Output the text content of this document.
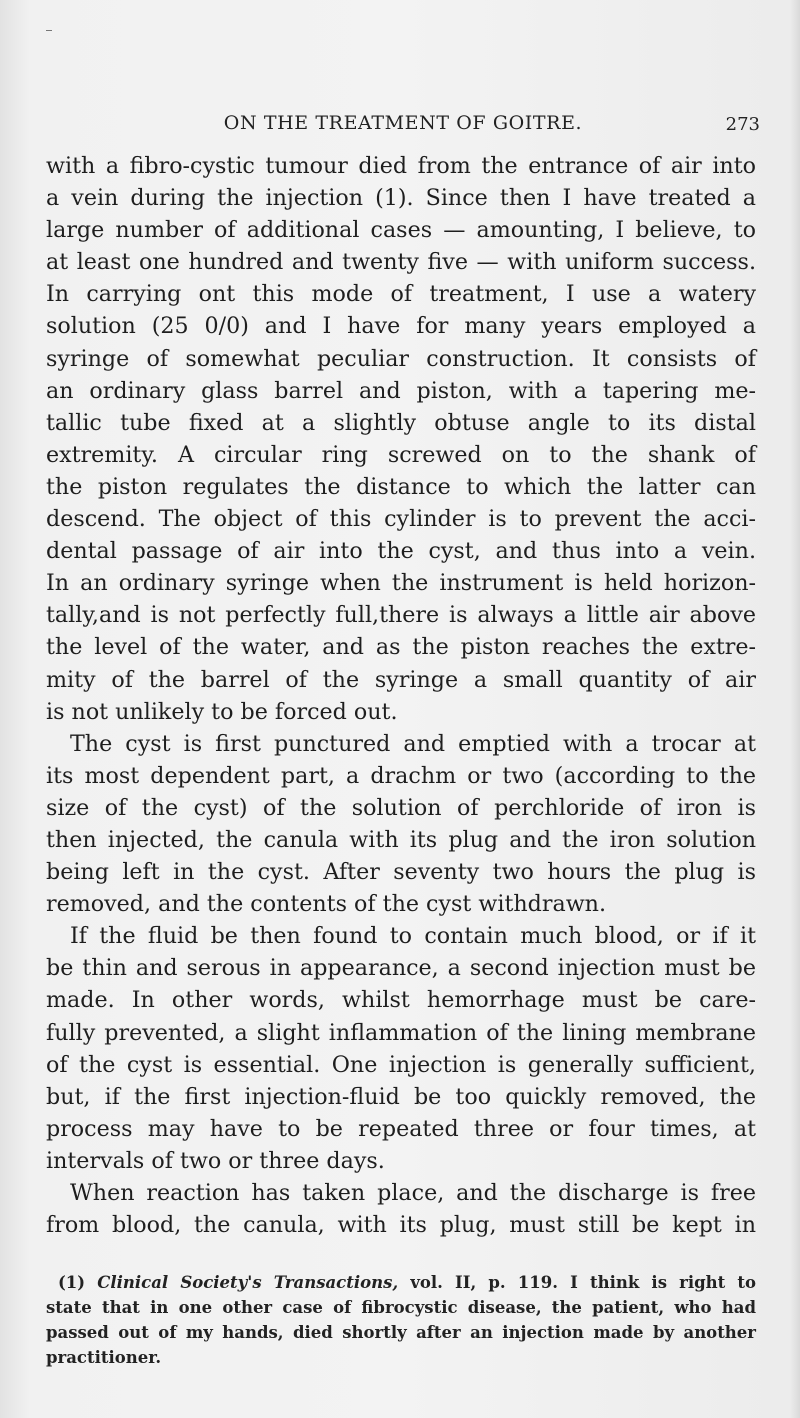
ON THE TREATMENT OF GOITRE.	273
with a fibro-cystic tumour died from the entrance of air into
a vein during the injection (1). Since then I have treated a
large number of additional cases — amounting, I believe, to
at least one hundred and twenty five — with uniform success.
In carrying ont this mode of treatment, I use a watery
solution (25 0/0) and I have for many years employed a
syringe of somewhat peculiar construction. It consists of
an ordinary glass barrel and piston, with a tapering me-
tallic tube fixed at a slightly obtuse angle to its distal
extremity. A circular ring screwed on to the shank of
the piston regulates the distance to which the latter can
descend. The object of this cylinder is to prevent the acci-
dental passage of air into the cyst, and thus into a vein.
In an ordinary syringe when the instrument is held horizon-
tally,and is not perfectly full,there is always a little air above
the level of the water, and as the piston reaches the extre-
mity of the barrel of the syringe a small quantity of air
is not unlikely to be forced out.
The cyst is first punctured and emptied with a trocar at
its most dependent part, a drachm or two (according to the
size of the cyst) of the solution of perchloride of iron is
then injected, the canula with its plug and the iron solution
being left in the cyst. After seventy two hours the plug is
removed, and the contents of the cyst withdrawn.
If the fluid be then found to contain much blood, or if it
be thin and serous in appearance, a second injection must be
made. In other words, whilst hemorrhage must be care-
fully prevented, a slight inflammation of the lining membrane
of the cyst is essential. One injection is generally sufficient,
but, if the first injection-fluid be too quickly removed, the
process may have to be repeated three or four times, at
intervals of two or three days.
When reaction has taken place, and the discharge is free
from blood, the canula, with its plug, must still be kept in
(1) Clinical Society's Transactions, vol. II, p. 119. I think is right to
state that in one other case of fibrocystic disease, the patient, who had
passed out of my hands, died shortly after an injection made by another
practitioner.
